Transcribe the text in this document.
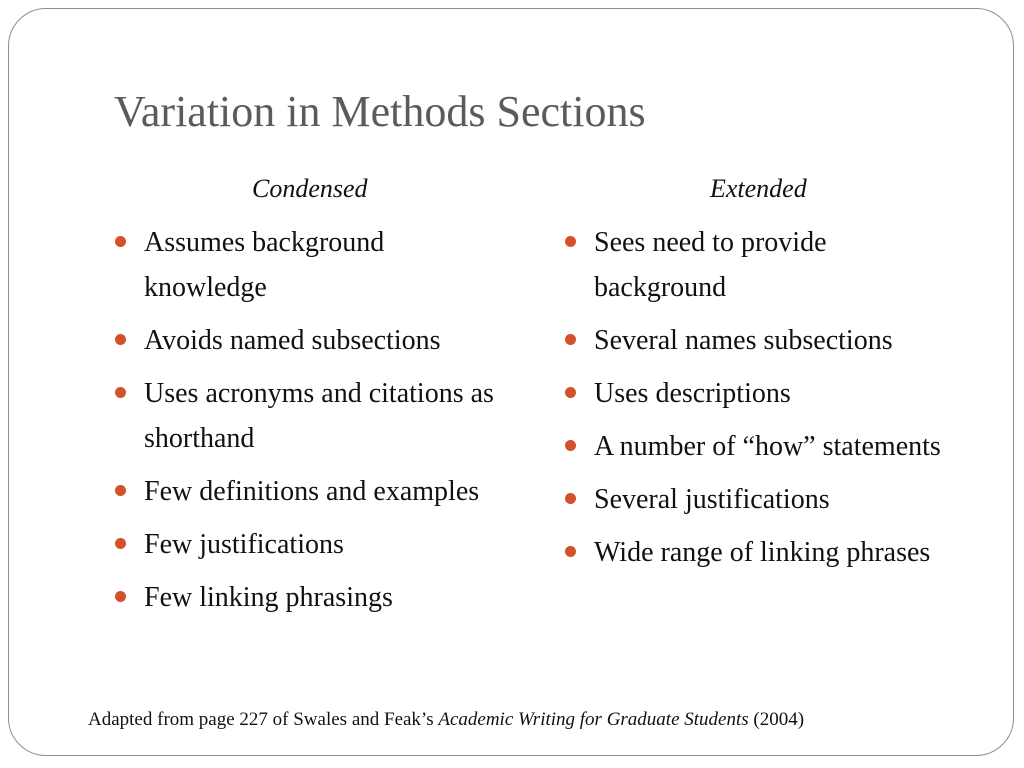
Variation in Methods Sections
Condensed	Extended
Assumes background knowledge
Avoids named subsections
Uses acronyms and citations as shorthand
Few definitions and examples
Few justifications
Few linking phrasings
Sees need to provide background
Several names subsections
Uses descriptions
A number of “how” statements
Several justifications
Wide range of linking phrases
Adapted from page 227 of Swales and Feak’s Academic Writing for Graduate Students (2004)
